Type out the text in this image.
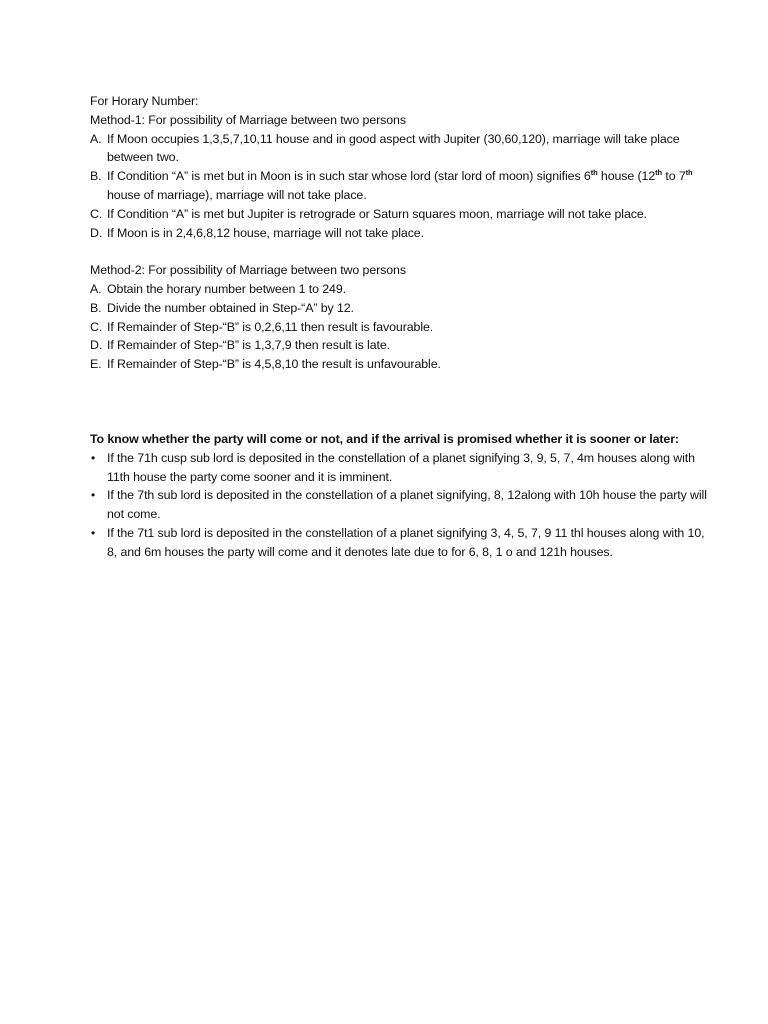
For Horary Number:

Method-1: For possibility of Marriage between two persons

A. If Moon occupies 1,3,5,7,10,11 house and in good aspect with Jupiter (30,60,120), marriage will take place between two.
B. If Condition “A” is met but in Moon is in such star whose lord (star lord of moon) signifies 6th house (12th to 7th house of marriage), marriage will not take place.
C. If Condition “A” is met but Jupiter is retrograde or Saturn squares moon, marriage will not take place.
D. If Moon is in 2,4,6,8,12 house, marriage will not take place.

Method-2: For possibility of Marriage between two persons

A. Obtain the horary number between 1 to 249.
B. Divide the number obtained in Step-“A” by 12.
C. If Remainder of Step-“B” is 0,2,6,11 then result is favourable.
D. If Remainder of Step-“B” is 1,3,7,9 then result is late.
E. If Remainder of Step-“B” is 4,5,8,10 the result is unfavourable.

To know whether the party will come or not, and if the arrival is promised whether it is sooner or later:

• If the 71h cusp sub lord is deposited in the constellation of a planet signifying 3, 9, 5, 7, 4m houses along with 11th house the party come sooner and it is imminent.
• If the 7th sub lord is deposited in the constellation of a planet signifying, 8, 12along with 10h house the party will not come.
• If the 7t1 sub lord is deposited in the constellation of a planet signifying 3, 4, 5, 7, 9 11 thl houses along with 10, 8, and 6m houses the party will come and it denotes late due to for 6, 8, 1 o and 121h houses.
